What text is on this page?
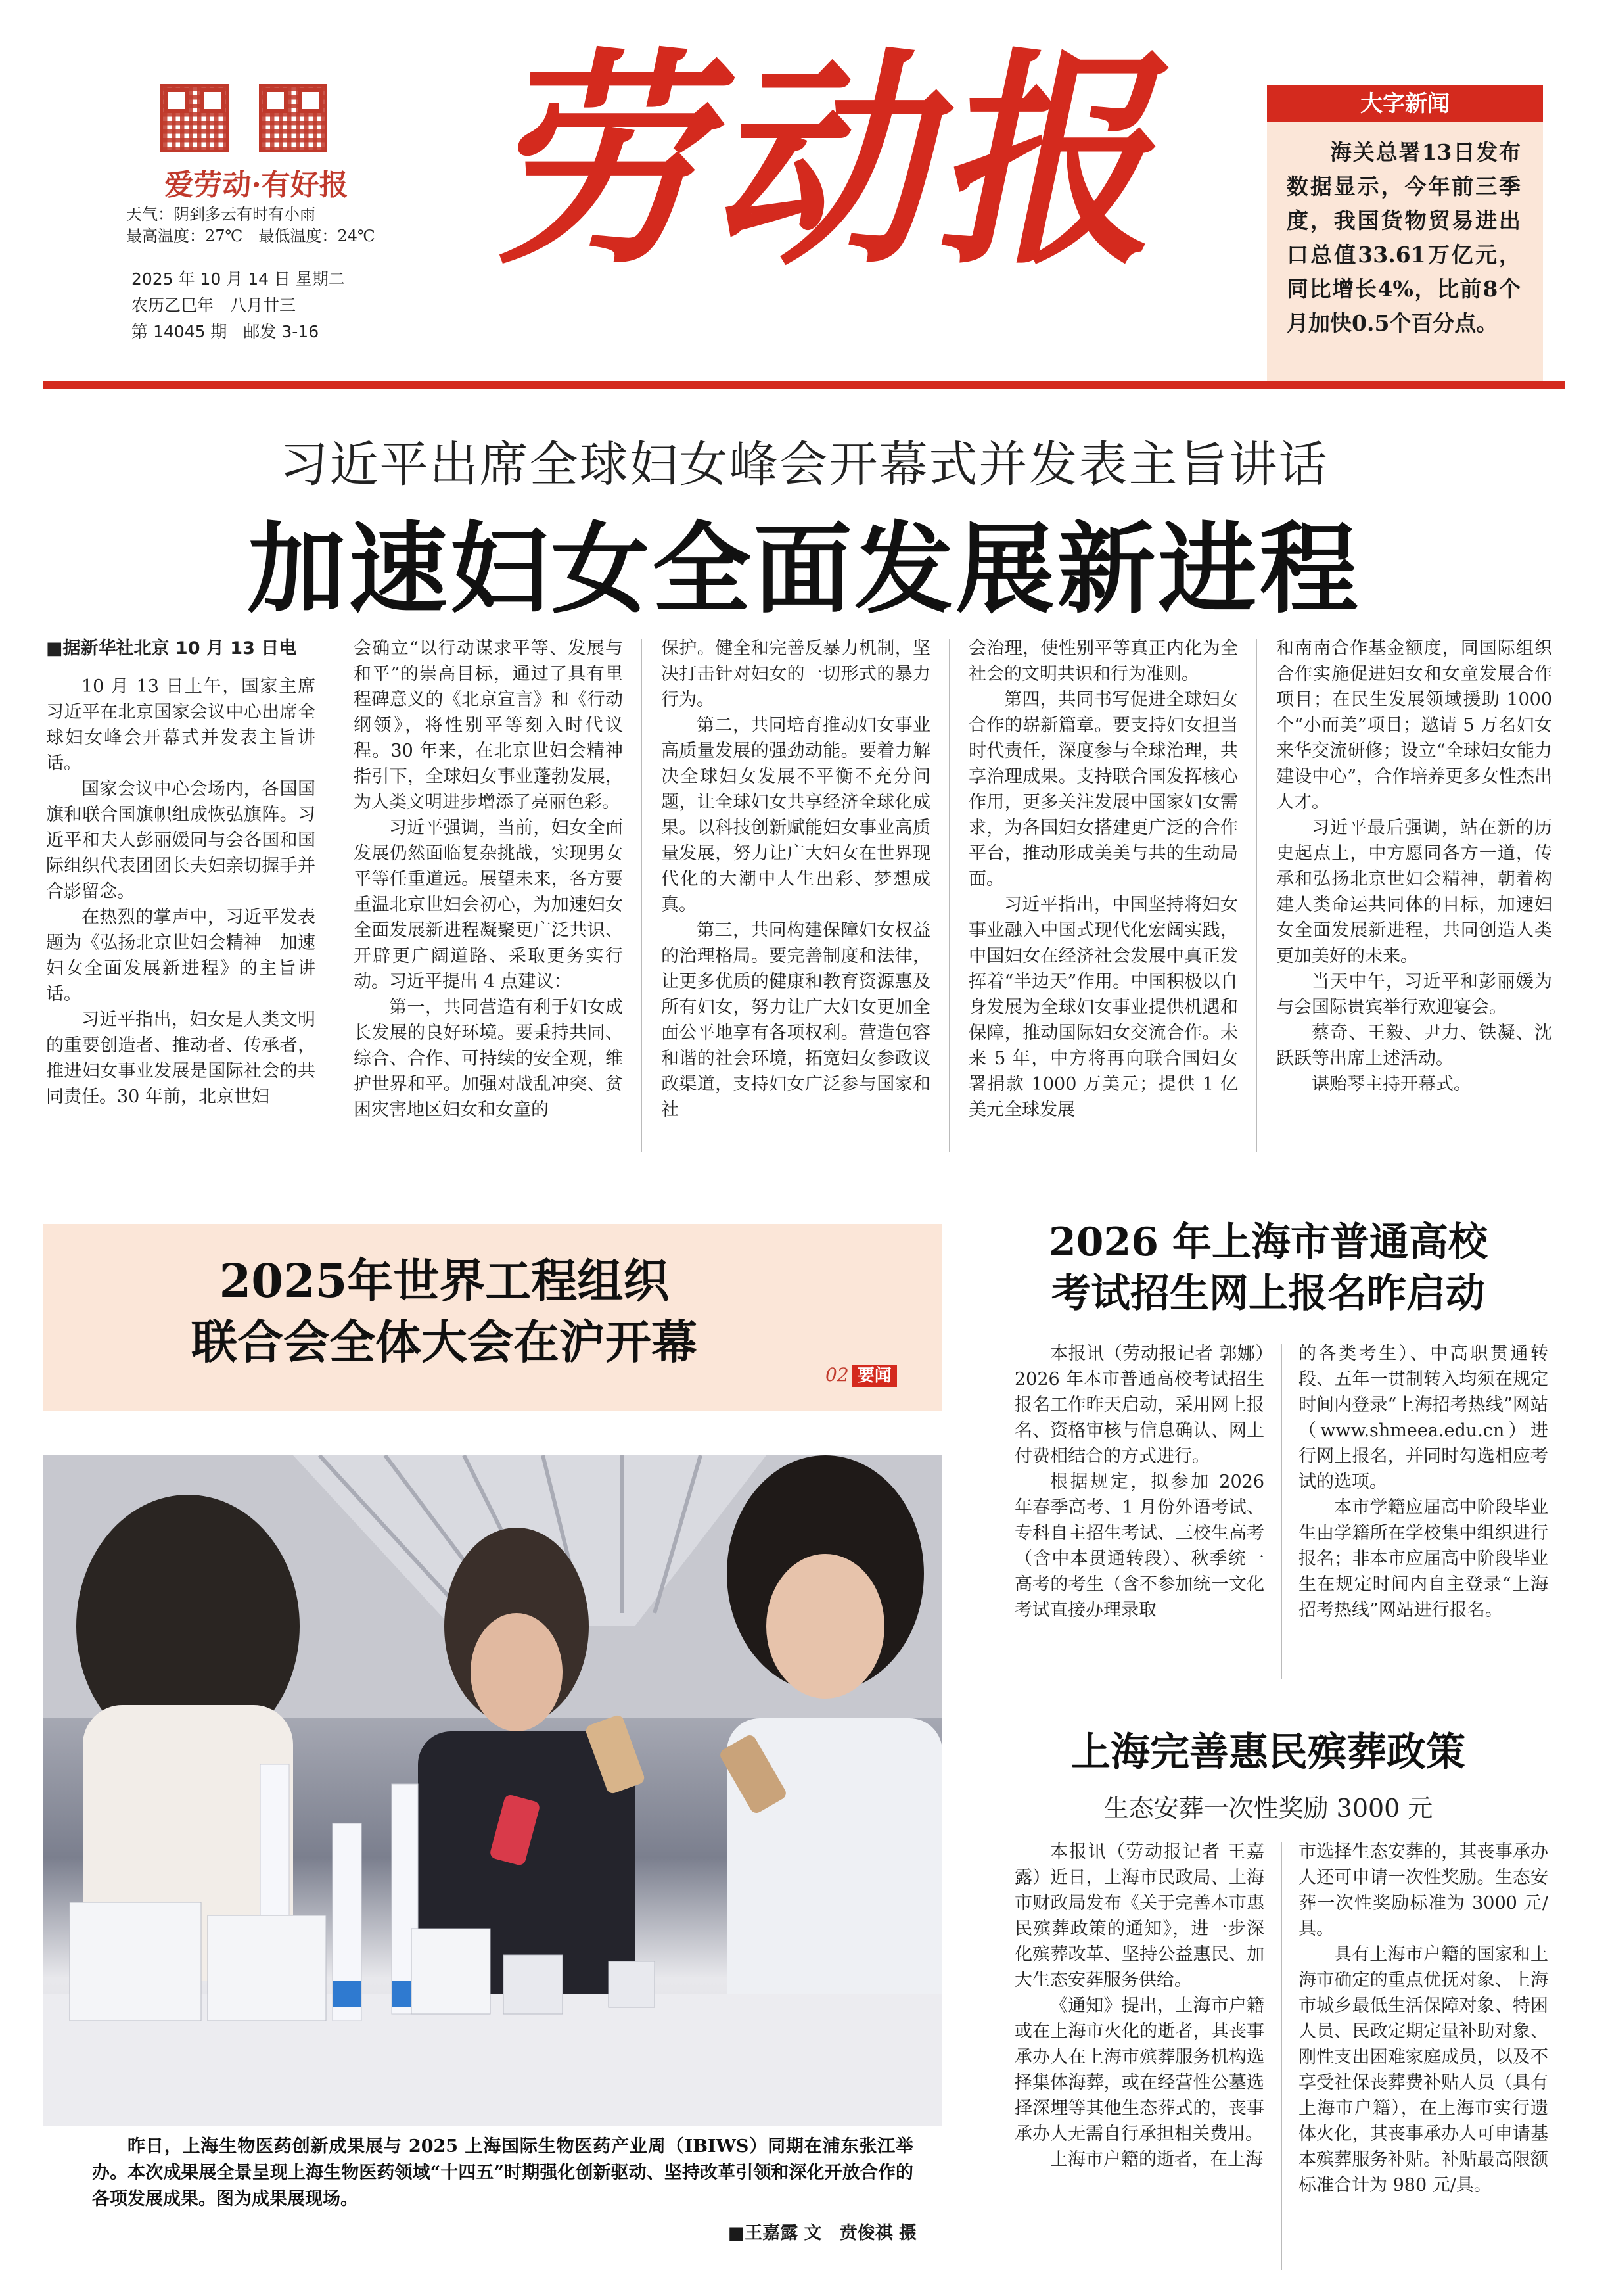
爱劳动·有好报
天气：阴到多云有时有小雨
最高温度：27℃　最低温度：24℃
2025 年 10 月 14 日 星期二
农历乙巳年　八月廿三
第 14045 期　邮发 3-16
劳动报	大字新闻
海关总署13日发布数据显示，今年前三季度，我国货物贸易进出口总值33.61万亿元，同比增长4%，比前8个月加快0.5个百分点。
习近平出席全球妇女峰会开幕式并发表主旨讲话
加速妇女全面发展新进程
■据新华社北京 10 月 13 日电

10 月 13 日上午，国家主席习近平在北京国家会议中心出席全球妇女峰会开幕式并发表主旨讲话。

国家会议中心会场内，各国国旗和联合国旗帜组成恢弘旗阵。习近平和夫人彭丽媛同与会各国和国际组织代表团团长夫妇亲切握手并合影留念。

在热烈的掌声中，习近平发表题为《弘扬北京世妇会精神　加速妇女全面发展新进程》的主旨讲话。

习近平指出，妇女是人类文明的重要创造者、推动者、传承者，推进妇女事业发展是国际社会的共同责任。30 年前，北京世妇

会确立“以行动谋求平等、发展与和平”的崇高目标，通过了具有里程碑意义的《北京宣言》和《行动纲领》，将性别平等刻入时代议程。30 年来，在北京世妇会精神指引下，全球妇女事业蓬勃发展，为人类文明进步增添了亮丽色彩。

习近平强调，当前，妇女全面发展仍然面临复杂挑战，实现男女平等任重道远。展望未来，各方要重温北京世妇会初心，为加速妇女全面发展新进程凝聚更广泛共识、开辟更广阔道路、采取更务实行动。习近平提出 4 点建议：

第一，共同营造有利于妇女成长发展的良好环境。要秉持共同、综合、合作、可持续的安全观，维护世界和平。加强对战乱冲突、贫困灾害地区妇女和女童的

保护。健全和完善反暴力机制，坚决打击针对妇女的一切形式的暴力行为。

第二，共同培育推动妇女事业高质量发展的强劲动能。要着力解决全球妇女发展不平衡不充分问题，让全球妇女共享经济全球化成果。以科技创新赋能妇女事业高质量发展，努力让广大妇女在世界现代化的大潮中人生出彩、梦想成真。

第三，共同构建保障妇女权益的治理格局。要完善制度和法律，让更多优质的健康和教育资源惠及所有妇女，努力让广大妇女更加全面公平地享有各项权利。营造包容和谐的社会环境，拓宽妇女参政议政渠道，支持妇女广泛参与国家和社

会治理，使性别平等真正内化为全社会的文明共识和行为准则。

第四，共同书写促进全球妇女合作的崭新篇章。要支持妇女担当时代责任，深度参与全球治理，共享治理成果。支持联合国发挥核心作用，更多关注发展中国家妇女需求，为各国妇女搭建更广泛的合作平台，推动形成美美与共的生动局面。

习近平指出，中国坚持将妇女事业融入中国式现代化宏阔实践，中国妇女在经济社会发展中真正发挥着“半边天”作用。中国积极以自身发展为全球妇女事业提供机遇和保障，推动国际妇女交流合作。未来 5 年，中方将再向联合国妇女署捐款 1000 万美元；提供 1 亿美元全球发展

和南南合作基金额度，同国际组织合作实施促进妇女和女童发展合作项目；在民生发展领域援助 1000 个“小而美”项目；邀请 5 万名妇女来华交流研修；设立“全球妇女能力建设中心”，合作培养更多女性杰出人才。

习近平最后强调，站在新的历史起点上，中方愿同各方一道，传承和弘扬北京世妇会精神，朝着构建人类命运共同体的目标，加速妇女全面发展新进程，共同创造人类更加美好的未来。

当天中午，习近平和彭丽媛为与会国际贵宾举行欢迎宴会。

蔡奇、王毅、尹力、铁凝、沈跃跃等出席上述活动。

谌贻琴主持开幕式。

2025年世界工程组织
联合会全体大会在沪开幕
02 要闻
昨日，上海生物医药创新成果展与 2025 上海国际生物医药产业周（IBIWS）同期在浦东张江举办。本次成果展全景呈现上海生物医药领域“十四五”时期强化创新驱动、坚持改革引领和深化开放合作的各项发展成果。图为成果展现场。
■王嘉露 文　贲俊祺 摄
2026 年上海市普通高校
考试招生网上报名昨启动

本报讯（劳动报记者 郭娜）2026 年本市普通高校考试招生报名工作昨天启动，采用网上报名、资格审核与信息确认、网上付费相结合的方式进行。

根据规定，拟参加 2026 年春季高考、1 月份外语考试、专科自主招生考试、三校生高考（含中本贯通转段）、秋季统一高考的考生（含不参加统一文化考试直接办理录取

的各类考生）、中高职贯通转段、五年一贯制转入均须在规定时间内登录“上海招考热线”网站（www.shmeea.edu.cn）进行网上报名，并同时勾选相应考试的选项。

本市学籍应届高中阶段毕业生由学籍所在学校集中组织进行报名；非本市应届高中阶段毕业生在规定时间内自主登录“上海招考热线”网站进行报名。

上海完善惠民殡葬政策
生态安葬一次性奖励 3000 元

本报讯（劳动报记者 王嘉露）近日，上海市民政局、上海市财政局发布《关于完善本市惠民殡葬政策的通知》，进一步深化殡葬改革、坚持公益惠民、加大生态安葬服务供给。

《通知》提出，上海市户籍或在上海市火化的逝者，其丧事承办人在上海市殡葬服务机构选择集体海葬，或在经营性公墓选择深埋等其他生态葬式的，丧事承办人无需自行承担相关费用。

上海市户籍的逝者，在上海

市选择生态安葬的，其丧事承办人还可申请一次性奖励。生态安葬一次性奖励标准为 3000 元/具。

具有上海市户籍的国家和上海市确定的重点优抚对象、上海市城乡最低生活保障对象、特困人员、民政定期定量补助对象、刚性支出困难家庭成员，以及不享受社保丧葬费补贴人员（具有上海市户籍），在上海市实行遗体火化，其丧事承办人可申请基本殡葬服务补贴。补贴最高限额标准合计为 980 元/具。
